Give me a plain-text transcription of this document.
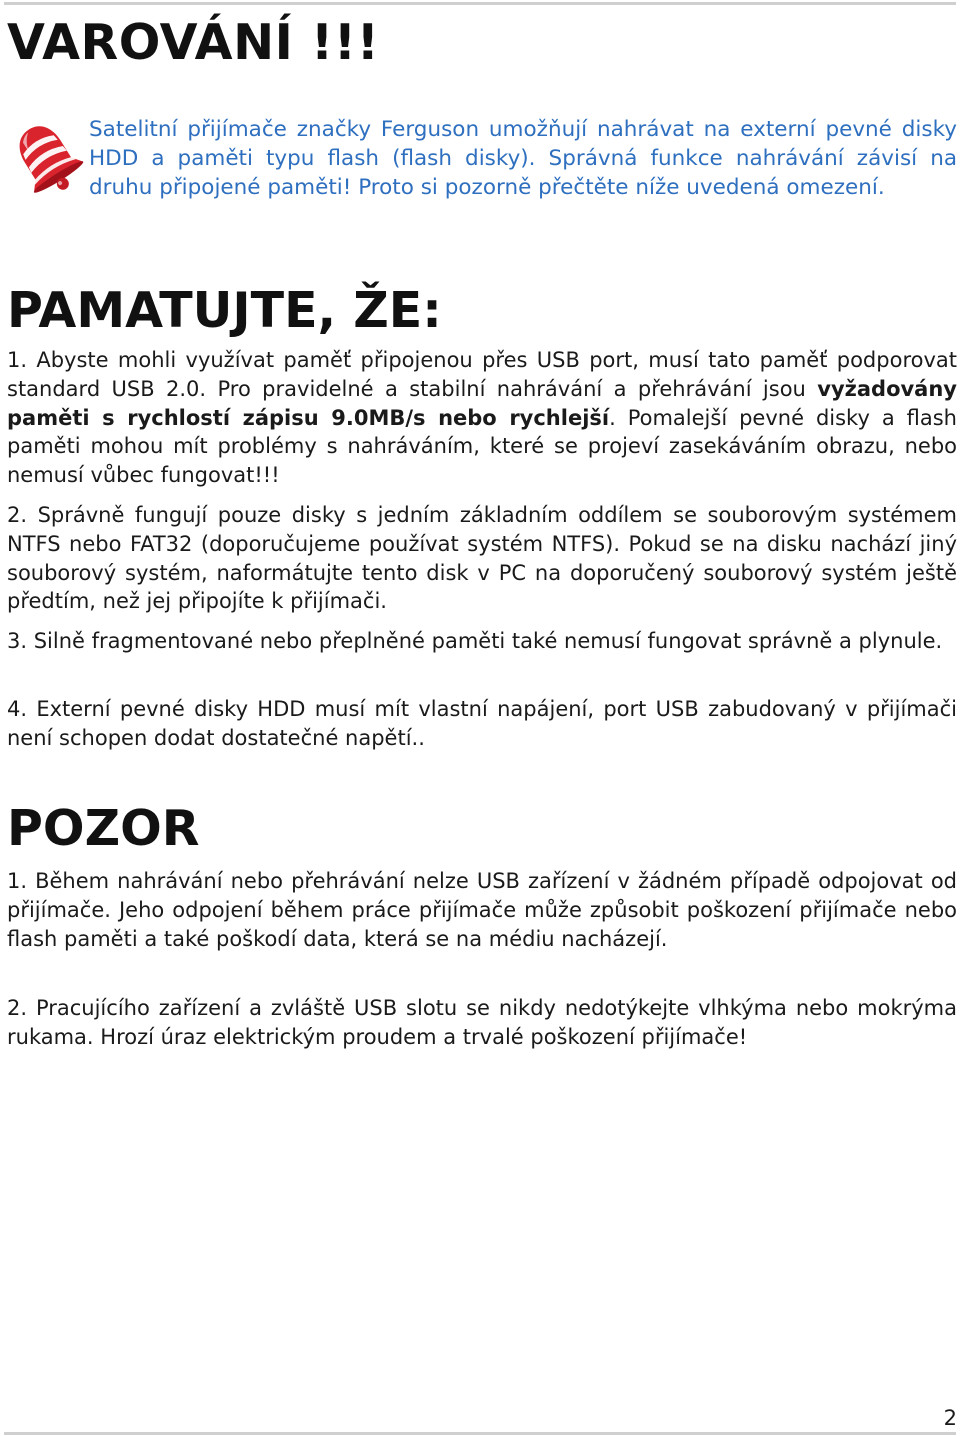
VAROVÁNÍ !!!

Satelitní přijímače značky Ferguson umožňují nahrávat na externí pevné disky HDD a paměti typu flash (flash disky). Správná funkce nahrávání závisí na druhu připojené paměti! Proto si pozorně přečtěte níže uvedená omezení.

PAMATUJTE, ŽE:

1. Abyste mohli využívat paměť připojenou přes USB port, musí tato paměť podporovat standard USB 2.0. Pro pravidelné a stabilní nahrávání a přehrávání jsou vyžadovány paměti s rychlostí zápisu 9.0MB/s nebo rychlejší. Pomalejší pevné disky a flash paměti mohou mít problémy s nahráváním, které se projeví zasekáváním obrazu, nebo nemusí vůbec fungovat!!!

2. Správně fungují pouze disky s jedním základním oddílem se souborovým systémem NTFS nebo FAT32 (doporučujeme používat systém NTFS). Pokud se na disku nachází jiný souborový systém, naformátujte tento disk v PC na doporučený souborový systém ještě předtím, než jej připojíte k přijímači.

3. Silně fragmentované nebo přeplněné paměti také nemusí fungovat správně a plynule.

4. Externí pevné disky HDD musí mít vlastní napájení, port USB zabudovaný v přijímači není schopen dodat dostatečné napětí..

POZOR

1. Během nahrávání nebo přehrávání nelze USB zařízení v žádném případě odpojovat od přijímače. Jeho odpojení během práce přijímače může způsobit poškození přijímače nebo flash paměti a také poškodí data, která se na médiu nacházejí.

2. Pracujícího zařízení a zvláště USB slotu se nikdy nedotýkejte vlhkýma nebo mokrýma rukama. Hrozí úraz elektrickým proudem a trvalé poškození přijímače!

2
